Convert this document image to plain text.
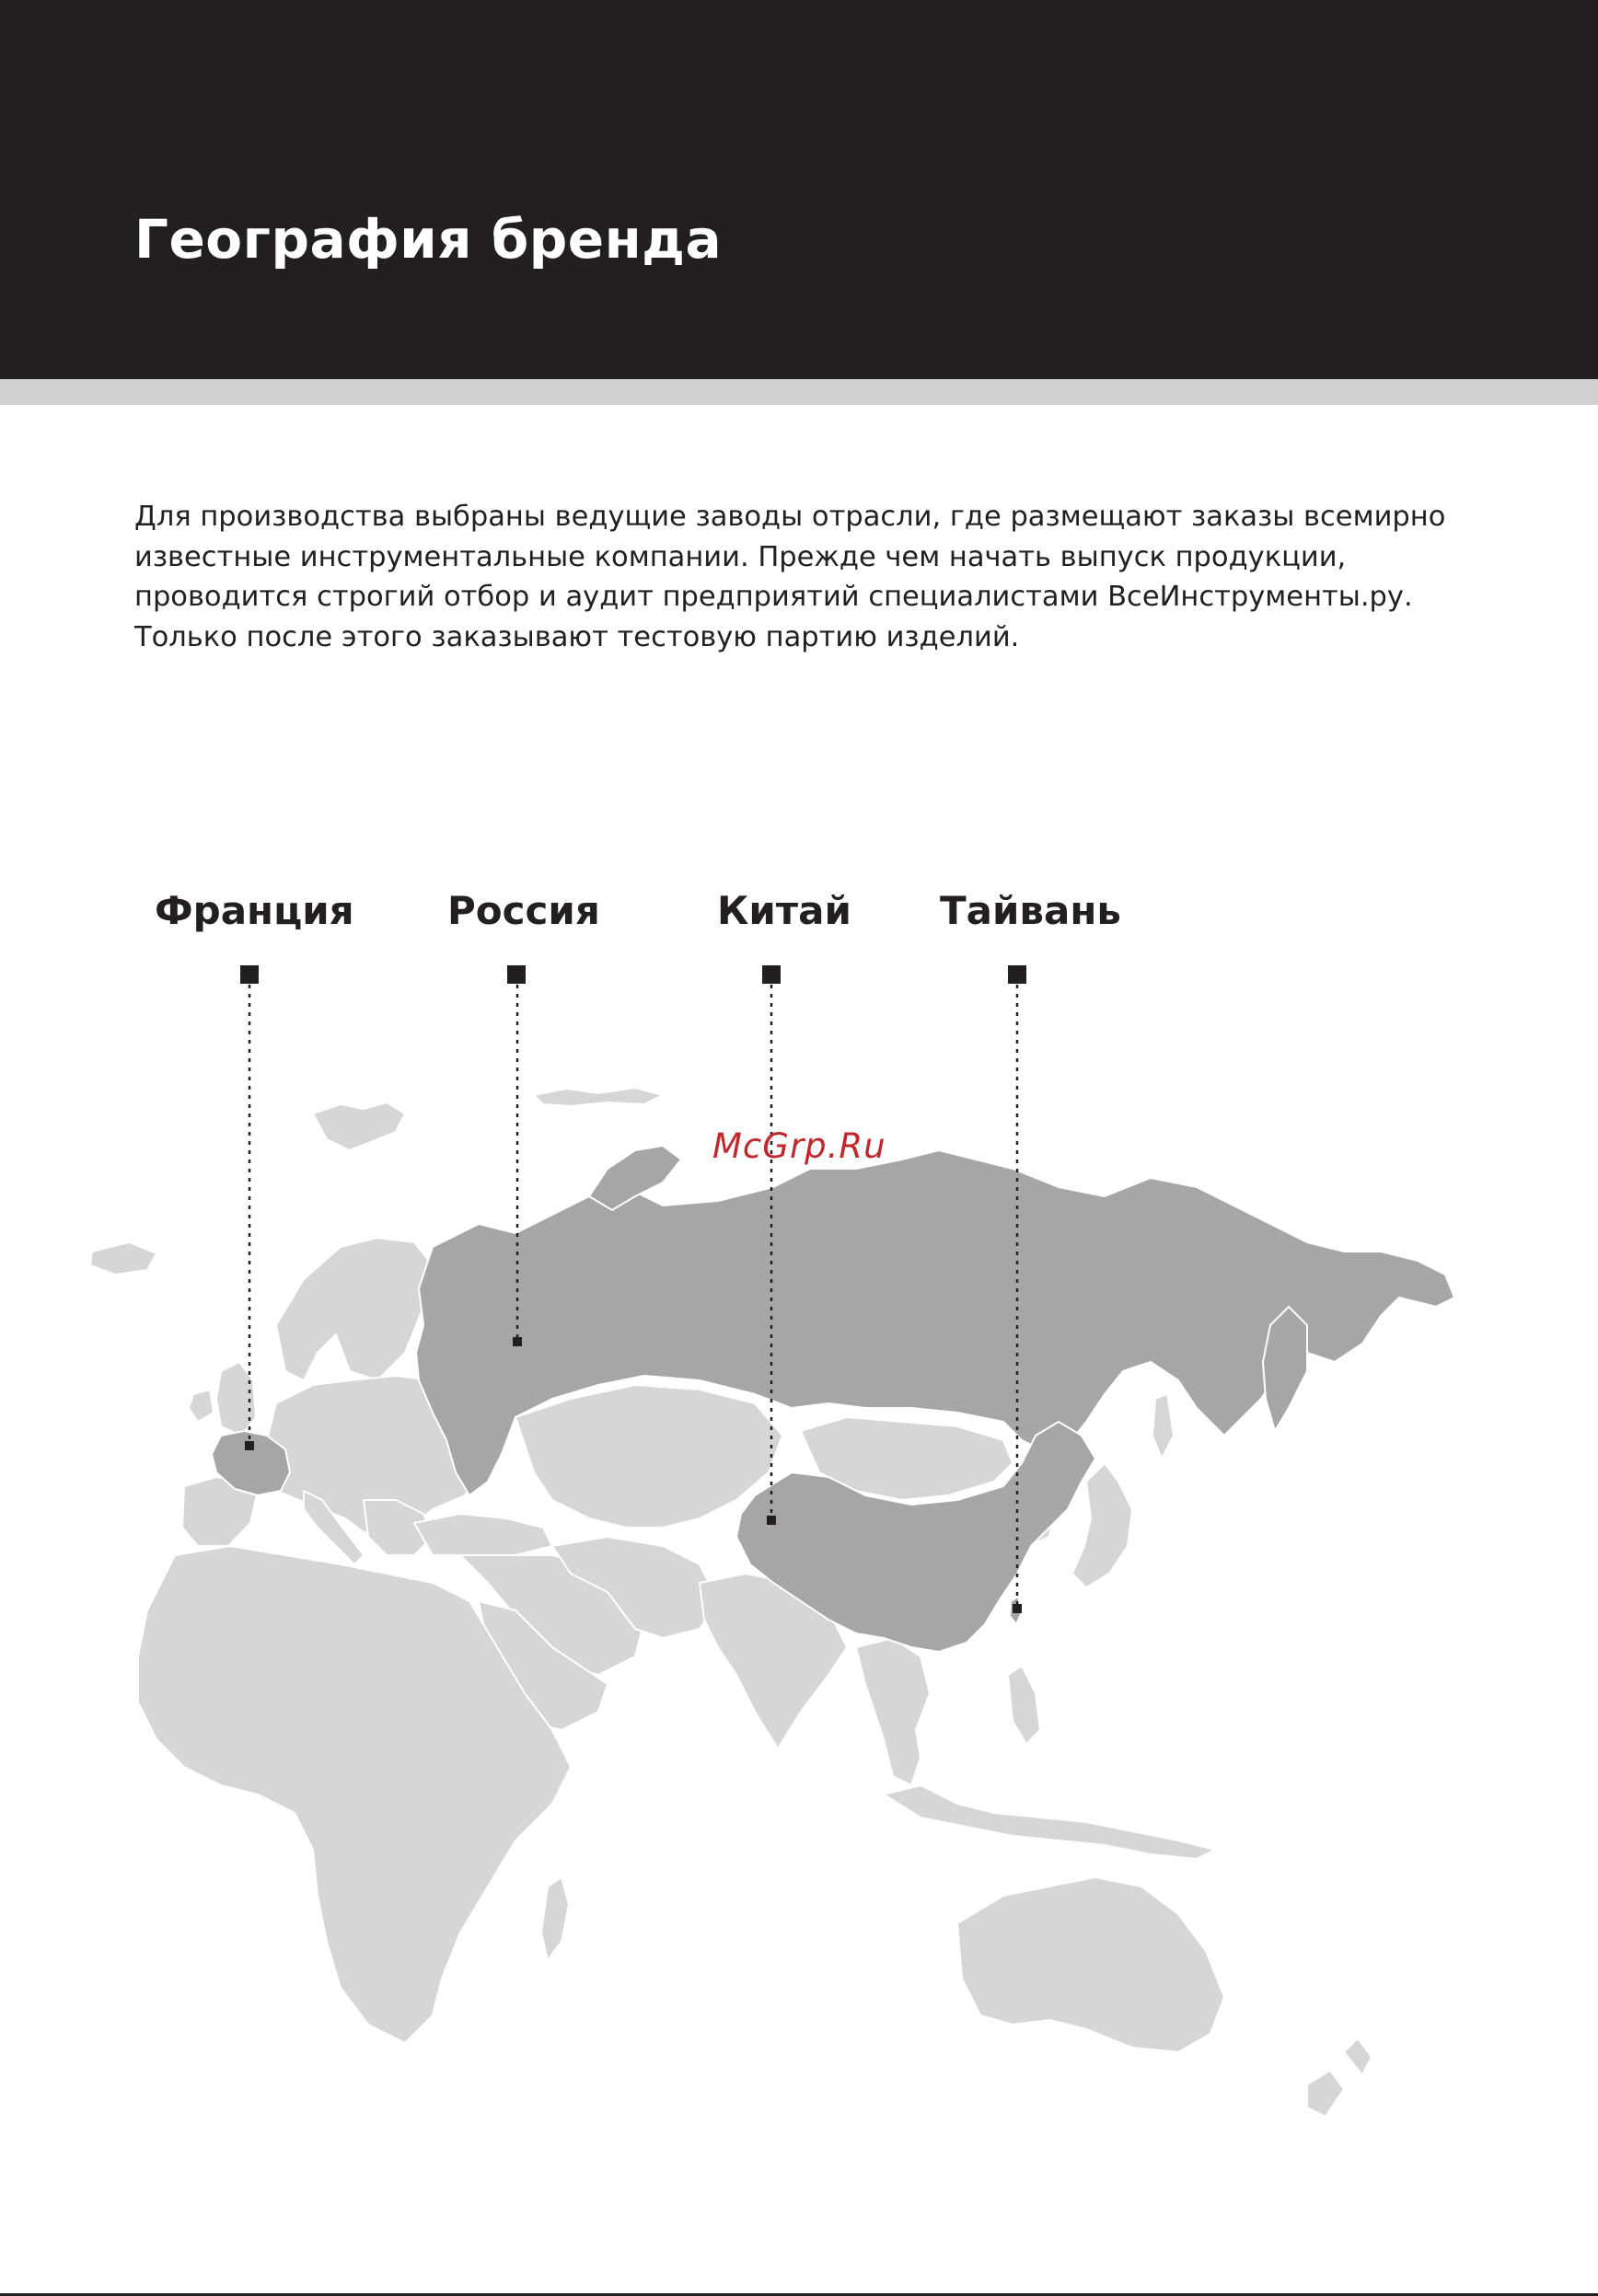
География бренда

Для производства выбраны ведущие заводы отрасли, где размещают заказы всемирно известные инструментальные компании. Прежде чем начать выпуск продукции, проводится строгий отбор и аудит предприятий специалистами ВсеИнструменты.ру. Только после этого заказывают тестовую партию изделий.

Франция Россия	Китай Тайвань
McGrp.Ru
